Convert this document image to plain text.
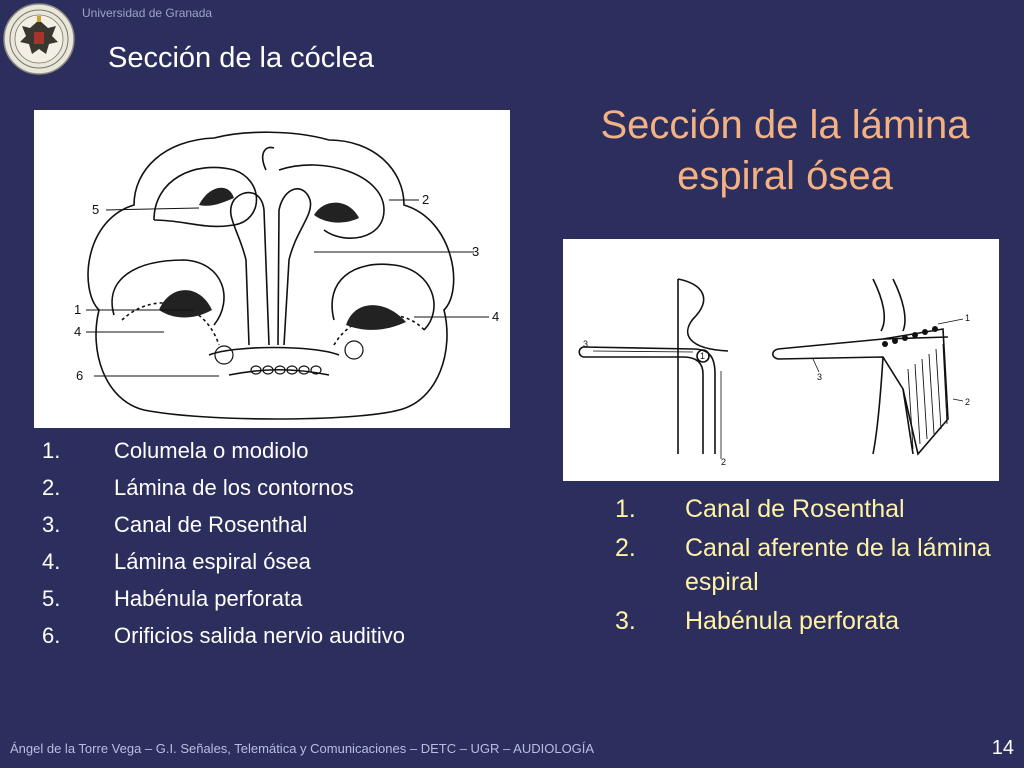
Universidad de Granada
Sección de la cóclea
Sección de la lámina
espiral ósea
5
2
3
1
4
6
4
3
1
2
1
3
2
1.	Columela o modiolo
2.	Lámina de los contornos
3.	Canal de Rosenthal
4.	Lámina espiral ósea
5.	Habénula perforata
6.	Orificios salida nervio auditivo
1.	Canal de Rosenthal
2.	Canal aferente de la lámina espiral
3.	Habénula perforata
Ángel de la Torre Vega – G.I. Señales, Telemática y Comunicaciones – DETC – UGR – AUDIOLOGÍA	14
